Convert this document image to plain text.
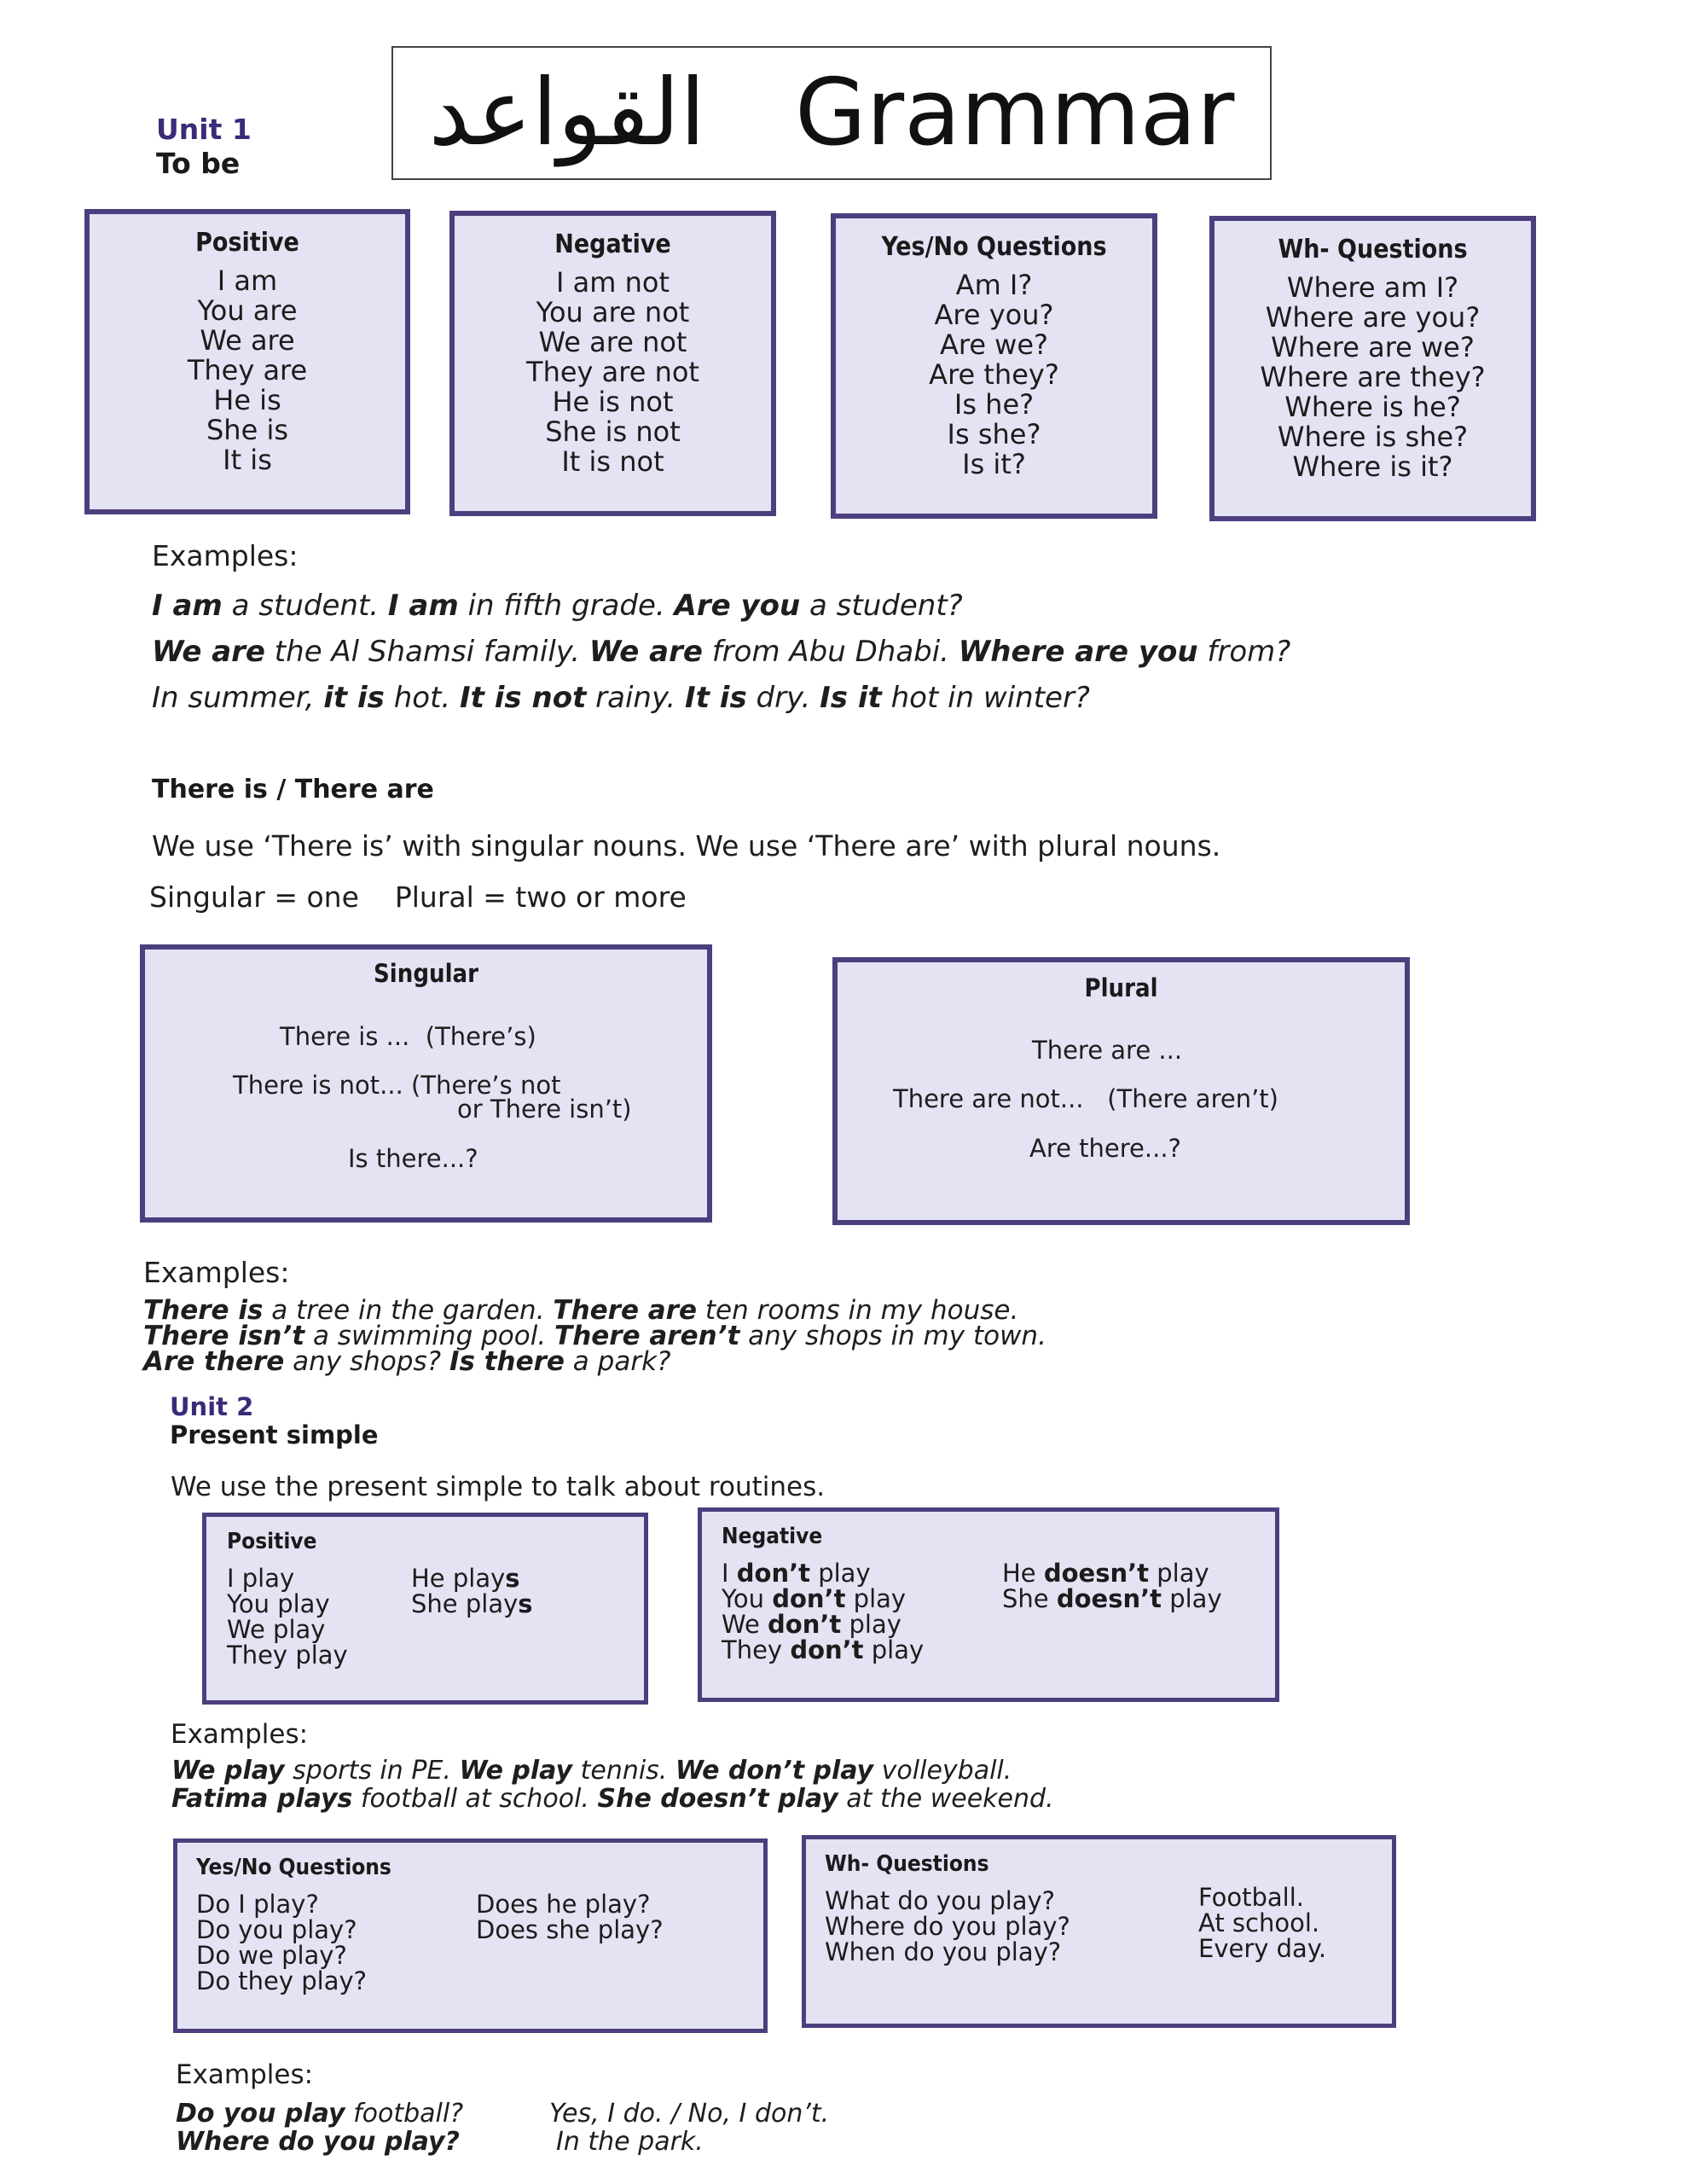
القواعد Grammar
Unit 1
To be
Positive
I am
You are
We are
They are
He is
She is
It is
Negative
I am not
You are not
We are not
They are not
He is not
She is not
It is not
Yes/No Questions
Am I?
Are you?
Are we?
Are they?
Is he?
Is she?
Is it?
Wh- Questions
Where am I?
Where are you?
Where are we?
Where are they?
Where is he?
Where is she?
Where is it?
Examples:
I am a student. I am in fifth grade. Are you a student?
We are the Al Shamsi family. We are from Abu Dhabi. Where are you from?
In summer, it is hot. It is not rainy. It is dry. Is it hot in winter?
There is / There are
We use ‘There is’ with singular nouns. We use ‘There are’ with plural nouns.
Singular = one    Plural = two or more
Singular
There is ...  (There’s)
There is not... (There’s not
or There isn’t)
Is there...?
Plural
There are ...
There are not...   (There aren’t)
Are there...?
Examples:
There is a tree in the garden. There are ten rooms in my house.
There isn’t a swimming pool. There aren’t any shops in my town.
Are there any shops? Is there a park?
Unit 2
Present simple
We use the present simple to talk about routines.
Positive
I play
You play
We play
They play
He plays
She plays
Negative
I don’t play
You don’t play
We don’t play
They don’t play
He doesn’t play
She doesn’t play
Examples:
We play sports in PE. We play tennis. We don’t play volleyball.
Fatima plays football at school. She doesn’t play at the weekend.
Yes/No Questions
Do I play?
Do you play?
Do we play?
Do they play?
Does he play?
Does she play?
Wh- Questions
What do you play?
Where do you play?
When do you play?
Football.
At school.
Every day.
Examples:
Do you play football?	Yes, I do. / No, I don’t.
Where do you play?	In the park.
